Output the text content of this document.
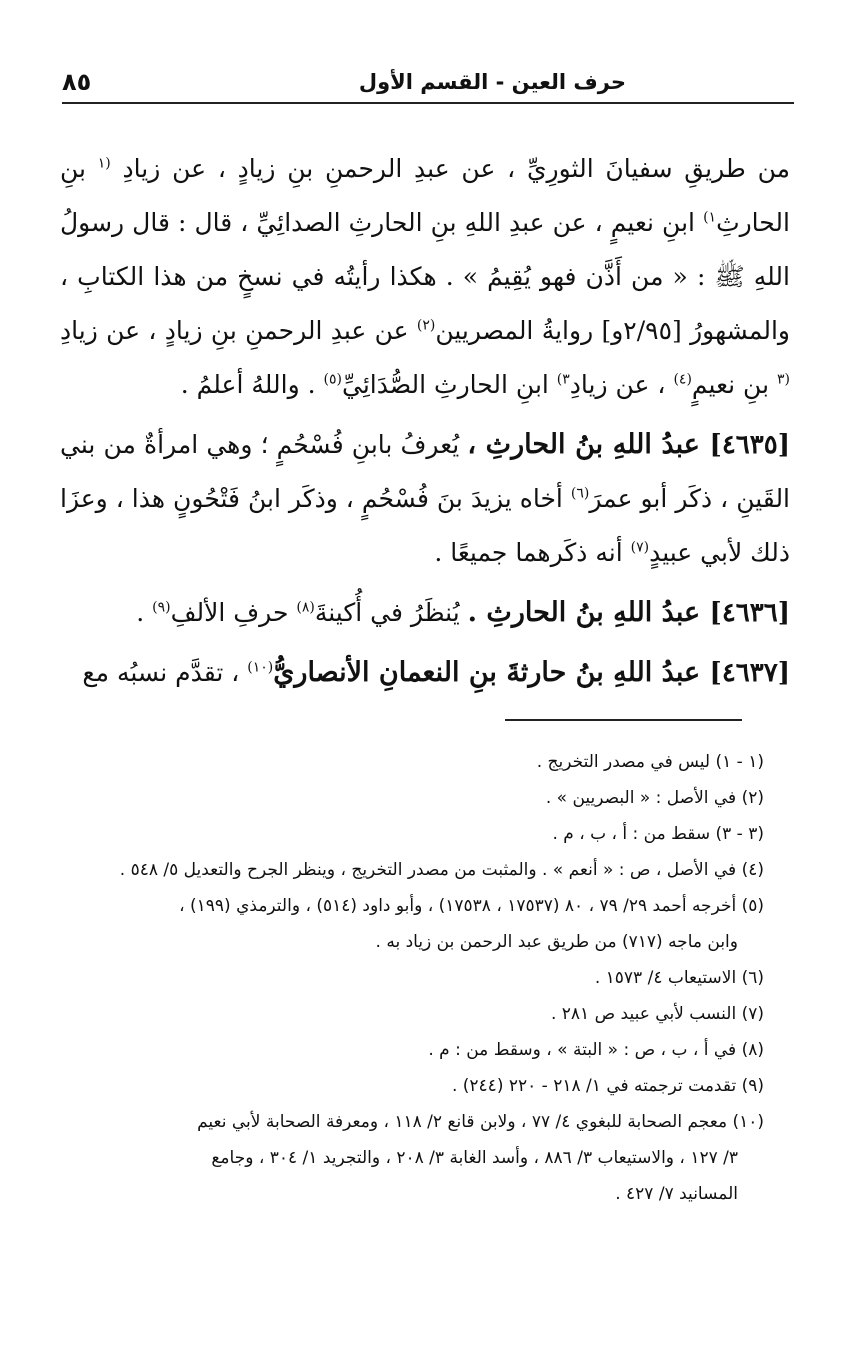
٨٥	حرف العين - القسم الأول

من طريقِ سفيانَ الثورِيِّ ، عن عبدِ الرحمنِ بنِ زيادٍ ، عن زيادِ $^{(١}$ بنِ الحارثِ$^{١)}$ ابنِ نعيمٍ ، عن عبدِ اللهِ بنِ الحارثِ الصدائِيِّ ، قال : قال رسولُ اللهِ ﷺ : « من أَذَّن فهو يُقِيمُ » . هكذا رأيتُه في نسخٍ من هذا الكتابِ ، والمشهورُ [٢/٩٥و] روايةُ المصريين$^{(٢)}$ عن عبدِ الرحمنِ بنِ زيادٍ ، عن زيادِ $^{(٣}$ بنِ نعيمٍ$^{(٤)}$ ، عن زيادِ$^{٣)}$ ابنِ الحارثِ الصُّدَائِيِّ$^{(٥)}$ . واللهُ أعلمُ .

[٤٦٣٥] عبدُ اللهِ بنُ الحارثِ ، يُعرفُ بابنِ فُسْحُمٍ ؛ وهي امرأةٌ من بني القَينِ ، ذكَر أبو عمرَ$^{(٦)}$ أخاه يزيدَ بنَ فُسْحُمٍ ، وذكَر ابنُ فَتْحُونٍ هذا ، وعزَا ذلك لأبي عبيدٍ$^{(٧)}$ أنه ذكَرهما جميعًا .

[٤٦٣٦] عبدُ اللهِ بنُ الحارثِ . يُنظَرُ في أُكينةَ$^{(٨)}$ حرفِ الألفِ$^{(٩)}$ .

[٤٦٣٧] عبدُ اللهِ بنُ حارثةَ بنِ النعمانِ الأنصاريُّ$^{(١٠)}$ ، تقدَّم نسبُه مع

(١ - ١) ليس في مصدر التخريج .
(٢) في الأصل : « البصريين » .
(٣ - ٣) سقط من : أ ، ب ، م .
(٤) في الأصل ، ص : « أنعم » . والمثبت من مصدر التخريج ، وينظر الجرح والتعديل ٥/ ٥٤٨ .
(٥) أخرجه أحمد ٢٩/ ٧٩ ، ٨٠ (١٧٥٣٧ ، ١٧٥٣٨) ، وأبو داود (٥١٤) ، والترمذي (١٩٩) ،
وابن ماجه (٧١٧) من طريق عبد الرحمن بن زياد به .
(٦) الاستيعاب ٤/ ١٥٧٣ .
(٧) النسب لأبي عبيد ص ٢٨١ .
(٨) في أ ، ب ، ص : « البتة » ، وسقط من : م .
(٩) تقدمت ترجمته في ١/ ٢١٨ - ٢٢٠ (٢٤٤) .
(١٠) معجم الصحابة للبغوي ٤/ ٧٧ ، ولابن قانع ٢/ ١١٨ ، ومعرفة الصحابة لأبي نعيم
٣/ ١٢٧ ، والاستيعاب ٣/ ٨٨٦ ، وأسد الغابة ٣/ ٢٠٨ ، والتجريد ١/ ٣٠٤ ، وجامع
المسانيد ٧/ ٤٢٧ .
